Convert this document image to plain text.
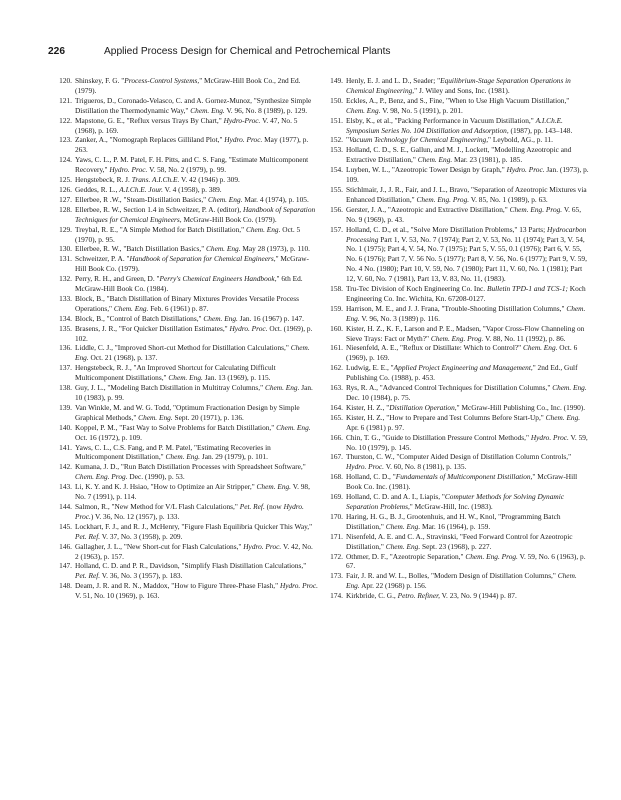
226	Applied Process Design for Chemical and Petrochemical Plants
120. Shinskey, F. G. "Process-Control Systems," McGraw-Hill Book Co., 2nd Ed. (1979).
121. Trigueros, D., Coronado-Velasco, C. and A. Gornez-Munoz, "Synthesize Simple Distillation the Thermodynamic Way," Chem. Eng. V. 96, No. 8 (1989), p. 129.
122. Mapstone, G. E., "Reflux versus Trays By Chart," Hydro-Proc. V. 47, No. 5 (1968), p. 169.
123. Zanker, A., "Nomograph Replaces Gilliland Plot," Hydro. Proc. May (1977), p. 263.
124. Yaws, C. L., P. M. Patel, F. H. Pitts, and C. S. Fang, "Estimate Multicomponent Recovery," Hydro. Proc. V. 58, No. 2 (1979), p. 99.
125. Hengstebeck, R. J. Trans. A.I.Ch.E. V. 42 (1946) p. 309.
126. Geddes, R. L., A.I.Ch.E. Jour. V. 4 (1958), p. 389.
127. Ellerbee, R .W., "Steam-Distillation Basics," Chem. Eng. Mar. 4 (1974), p. 105.
128. Ellerbee, R. W., Section 1.4 in Schweitzer, P. A. (editor), Handbook of Separation Techniques for Chemical Engineers, McGraw-Hill Book Co. (1979).
129. Treybal, R. E., "A Simple Method for Batch Distillation," Chem. Eng. Oct. 5 (1970), p. 95.
130. Ellerbee, R. W., "Batch Distillation Basics," Chem. Eng. May 28 (1973), p. 110.
131. Schweitzer, P. A. "Handbook of Separation for Chemical Engineers," McGraw-Hill Book Co. (1979).
132. Perry, R. H., and Green, D. "Perry's Chemical Engineers Handbook," 6th Ed. McGraw-Hill Book Co. (1984).
133. Block, B., "Batch Distillation of Binary Mixtures Provides Versatile Process Operations," Chem. Eng. Feb. 6 (1961) p. 87.
134. Block, B., "Control of Batch Distillations," Chem. Eng. Jan. 16 (1967) p. 147.
135. Brasens, J. R., "For Quicker Distillation Estimates," Hydro. Proc. Oct. (1969), p. 102.
136. Liddle, C. J., "Improved Short-cut Method for Distillation Calculations," Chem. Eng. Oct. 21 (1968), p. 137.
137. Hengstebeck, R. J., "An Improved Shortcut for Calculating Difficult Multicomponent Distillations," Chem. Eng. Jan. 13 (1969), p. 115.
138. Guy, J. L., "Modeling Batch Distillation in Multitray Columns," Chem. Eng. Jan. 10 (1983), p. 99.
139. Van Winkle, M. and W. G. Todd, "Optimum Fractionation Design by Simple Graphical Methods," Chem. Eng. Sept. 20 (1971), p. 136.
140. Koppel, P. M., "Fast Way to Solve Problems for Batch Distillation," Chem. Eng. Oct. 16 (1972), p. 109.
141. Yaws, C. L., C.S. Fang, and P. M. Patel, "Estimating Recoveries in Multicomponent Distillation," Chem. Eng. Jan. 29 (1979), p. 101.
142. Kumana, J. D., "Run Batch Distillation Processes with Spreadsheet Software," Chem. Eng. Prog. Dec. (1990), p. 53.
143. Li, K. Y. and K. J. Hsiao, "How to Optimize an Air Stripper," Chem. Eng. V. 98, No. 7 (1991), p. 114.
144. Salmon, R., "New Method for V/L Flash Calculations," Pet. Ref. (now Hydro. Proc.) V. 36, No. 12 (1957), p. 133.
145. Lockhart, F. J., and R. J., McHenry, "Figure Flash Equilibria Quicker This Way," Pet. Ref. V. 37, No. 3 (1958), p. 209.
146. Gallagher, J. L., "New Short-cut for Flash Calculations," Hydro. Proc. V. 42, No. 2 (1963), p. 157.
147. Holland, C. D. and P. R., Davidson, "Simplify Flash Distillation Calculations," Pet. Ref. V. 36, No. 3 (1957), p. 183.
148. Deam, J. R. and R. N., Maddox, "How to Figure Three-Phase Flash," Hydro. Proc. V. 51, No. 10 (1969), p. 163.
149. Henly, E. J. and L. D., Seader; "Equilibrium-Stage Separation Operations in Chemical Engineering," J. Wiley and Sons, Inc. (1981).
150. Eckles, A., P., Benz, and S., Fine, "When to Use High Vacuum Distillation," Chem. Eng. V. 98, No. 5 (1991), p. 201.
151. Elsby, K., et al., "Packing Performance in Vacuum Distillation," A.I.Ch.E. Symposium Series No. 104 Distillation and Adsorption, (1987), pp. 143–148.
152. "Vacuum Technology for Chemical Engineering," Leybold, AG., p. 11.
153. Holland, C. D., S. E., Gallun, and M. J., Lockett, "Modelling Azeotropic and Extractive Distillation," Chem. Eng. Mar. 23 (1981), p. 185.
154. Luyben, W. L., "Azeotropic Tower Design by Graph," Hydro. Proc. Jan. (1973), p. 109.
155. Stichlmair, J., J. R., Fair, and J. L., Bravo, "Separation of Azeotropic Mixtures via Enhanced Distillation," Chem. Eng. Prog. V. 85, No. 1 (1989), p. 63.
156. Gerster, J. A., "Azeotropic and Extractive Distillation," Chem. Eng. Prog. V. 65, No. 9 (1969), p. 43.
157. Holland, C. D., et al., "Solve More Distillation Problems," 13 Parts; Hydrocarbon Processing Part 1, V. 53, No. 7 (1974); Part 2, V. 53, No. 11 (1974); Part 3, V. 54, No. 1 (1975); Part 4, V. 54, No. 7 (1975); Part 5, V. 55, 0.1 (1976); Part 6, V. 55, No. 6 (1976); Part 7, V. 56 No. 5 (1977); Part 8, V. 56, No. 6 (1977); Part 9, V. 59, No. 4 No. (1980); Part 10, V. 59, No. 7 (1980); Part 11, V. 60, No. 1 (1981); Part 12, V. 60, No. 7 (1981), Part 13, V. 83, No. 11, (1983).
158. Tru-Tec Division of Koch Engineering Co. Inc. Bulletin TPD-1 and TCS-1; Koch Engineering Co. Inc. Wichita, Kn. 67208-0127.
159. Harrison, M. E., and J. J. Frana, "Trouble-Shooting Distillation Columns," Chem. Eng. V. 96, No. 3 (1989) p. 116.
160. Kister, H. Z., K. F., Larson and P. E., Madsen, "Vapor Cross-Flow Channeling on Sieve Trays: Fact or Myth?" Chem. Eng. Prog. V. 88, No. 11 (1992), p. 86.
161. Niesenfeld, A. E., "Reflux or Distillate: Which to Control?" Chem. Eng. Oct. 6 (1969), p. 169.
162. Ludwig, E. E., "Applied Project Engineering and Management," 2nd Ed., Gulf Publishing Co. (1988), p. 453.
163. Rys, R. A., "Advanced Control Techniques for Distillation Columns," Chem. Eng. Dec. 10 (1984), p. 75.
164. Kister, H. Z., "Distillation Operation," McGraw-Hill Publishing Co., Inc. (1990).
165. Kister, H. Z., "How to Prepare and Test Columns Before Start-Up," Chem. Eng. Apr. 6 (1981) p. 97.
166. Chin, T. G., "Guide to Distillation Pressure Control Methods," Hydro. Proc. V. 59, No. 10 (1979), p. 145.
167. Thurston, C. W., "Computer Aided Design of Distillation Column Controls," Hydro. Proc. V. 60, No. 8 (1981), p. 135.
168. Holland, C. D., "Fundamentals of Multicomponent Distillation," McGraw-Hill Book Co. Inc. (1981).
169. Holland, C. D. and A. I., Liapis, "Computer Methods for Solving Dynamic Separation Problems," McGraw-Hill, Inc. (1983).
170. Haring, H. G., B. J., Grootenhuis, and H. W., Knol, "Programming Batch Distillation," Chem. Eng. Mar. 16 (1964), p. 159.
171. Nisenfeld, A. E. and C. A., Stravinski, "Feed Forward Control for Azeotropic Distillation," Chem. Eng. Sept. 23 (1968), p. 227.
172. Othmer, D. F., "Azeotropic Separation," Chem. Eng. Prog. V. 59, No. 6 (1963), p. 67.
173. Fair, J. R. and W. L., Bolles, "Modern Design of Distillation Columns," Chem. Eng. Apr. 22 (1968) p. 156.
174. Kirkbride, C. G., Petro. Refiner, V. 23, No. 9 (1944) p. 87.
